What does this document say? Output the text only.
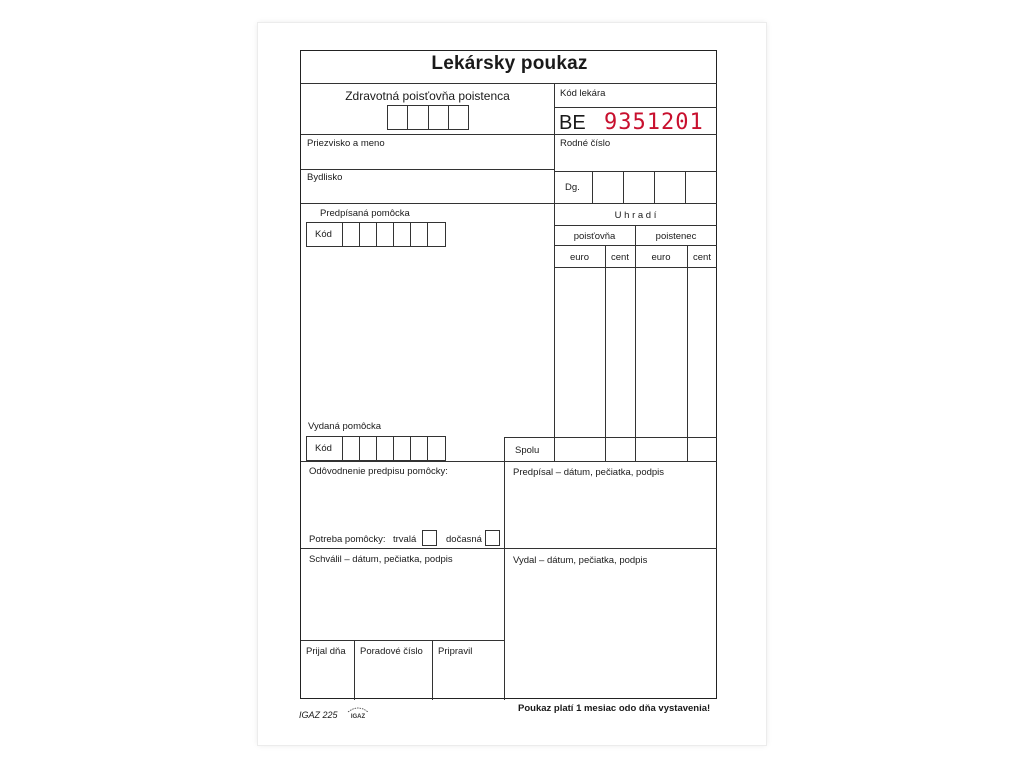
Lekársky poukaz
Zdravotná poisťovňa poistenca	Kód lekára
BE 9351201
Priezvisko a meno	Rodné číslo
Bydlisko
Dg.
Predpísaná pomôcka
Kód
U h r a d í
poisťovňa	poistenec
euro	cent	euro	cent
Vydaná pomôcka
Kód	Spolu
Odôvodnenie predpisu pomôcky:	Predpísal – dátum, pečiatka, podpis
Potreba pomôcky: trvalá	dočasná
Schválil – dátum, pečiatka, podpis	Vydal – dátum, pečiatka, podpis
Prijal dňa Poradové číslo Pripravil
IGAZ 225 IGAZ
Poukaz platí 1 mesiac odo dňa vystavenia!
